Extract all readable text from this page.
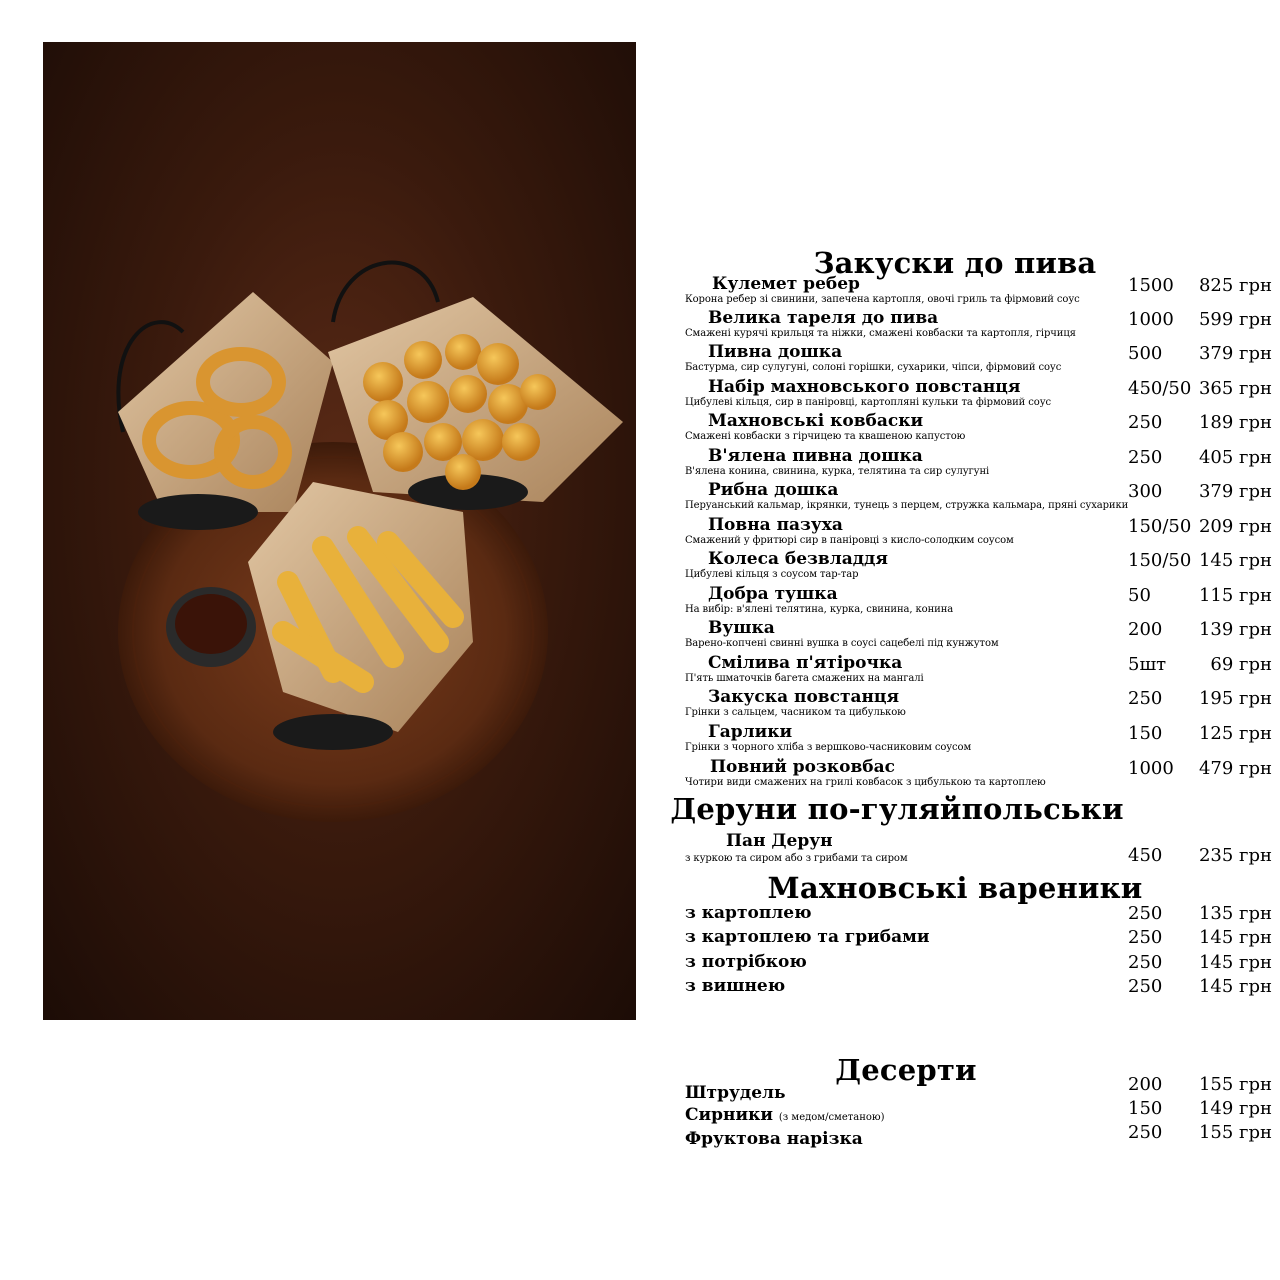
Закуски до пива
Кулемет ребер
Корона ребер зі свинини, запечена картопля, овочі гриль та фірмовий соус
1500 825 грн
Велика тареля до пива
Смажені курячі крильця та ніжки, смажені ковбаски та картопля, гірчиця
1000 599 грн
Пивна дошка
Бастурма, сир сулугуні, солоні горішки, сухарики, чіпси, фірмовий соус
500 379 грн
Набір махновського повстанця
Цибулеві кільця, сир в паніровці, картопляні кульки та фірмовий соус
450/50 365 грн
Махновські ковбаски
Смажені ковбаски з гірчицею та квашеною капустою
250 189 грн
В'ялена пивна дошка
В'ялена конина, свинина, курка, телятина та сир сулугуні
250 405 грн
Рибна дошка
Перуанський кальмар, ікрянки, тунець з перцем, стружка кальмара, пряні сухарики
300 379 грн
Повна пазуха
Смажений у фритюрі сир в паніровці з кисло-солодким соусом
150/50 209 грн
Колеса безвладдя
Цибулеві кільця з соусом тар-тар
150/50 145 грн
Добра тушка
На вибір: в'ялені телятина, курка, свинина, конина
50	115 грн
Вушка
Варено-копчені свинні вушка в соусі сацебелі під кунжутом
200 139 грн
Смілива п'ятірочка
П'ять шматочків багета смажених на мангалі
5шт 69 грн
Закуска повстанця
Грінки з сальцем, часником та цибулькою
250 195 грн
Гарлики
Грінки з чорного хліба з вершково-часниковим соусом
150 125 грн
Повний розковбас
Чотири види смажених на грилі ковбасок з цибулькою та картоплею
1000 479 грн
Деруни по-гуляйпольськи
Пан Дерун
з куркою та сиром або з грибами та сиром	450 235 грн
Махновські вареники
з картоплею	250 135 грн
з картоплею та грибами	250 145 грн
з потрібкою	250 145 грн
з вишнею	250 145 грн
Десерти
Штрудель	200 155 грн
Сирники (з медом/сметаною)	150 149 грн
Фруктова нарізка	250 155 грн
